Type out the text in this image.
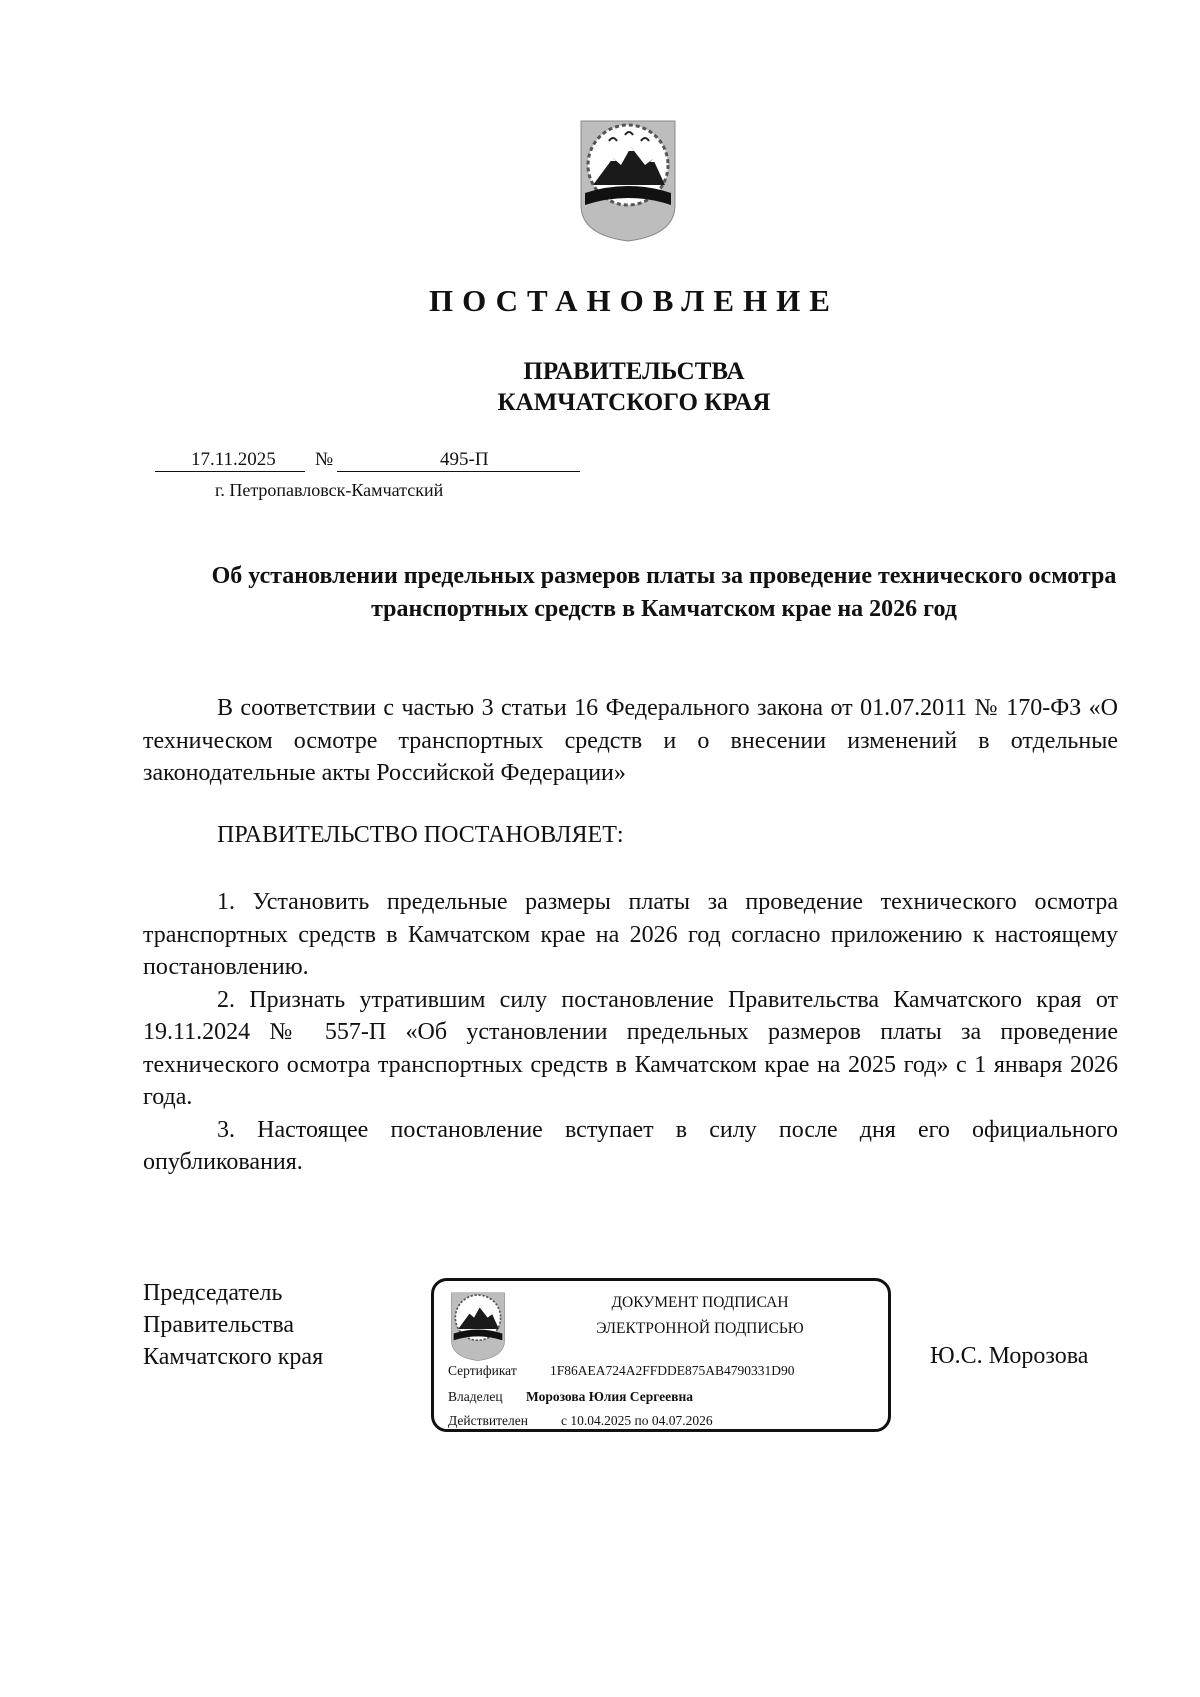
ПОСТАНОВЛЕНИЕ
ПРАВИТЕЛЬСТВА
КАМЧАТСКОГО КРАЯ
17.11.2025 №	495-П
г. Петропавловск-Камчатский
Об установлении предельных размеров платы за проведение технического осмотра транспортных средств в Камчатском крае на 2026 год

В соответствии с частью 3 статьи 16 Федерального закона от 01.07.2011 № 170-ФЗ «О техническом осмотре транспортных средств и о внесении изменений в отдельные законодательные акты Российской Федерации»

ПРАВИТЕЛЬСТВО ПОСТАНОВЛЯЕТ:

1. Установить предельные размеры платы за проведение технического осмотра транспортных средств в Камчатском крае на 2026 год согласно приложению к настоящему постановлению.

2. Признать утратившим силу постановление Правительства Камчатского края от 19.11.2024 № 557-П «Об установлении предельных размеров платы за проведение технического осмотра транспортных средств в Камчатском крае на 2025 год» с 1 января 2026 года.

3. Настоящее постановление вступает в силу после дня его официального опубликования.

Председатель
Правительства
Камчатского края
ДОКУМЕНТ ПОДПИСАН
ЭЛЕКТРОННОЙ ПОДПИСЬЮ
Сертификат 1F86AEA724A2FFDDE875AB4790331D90
Владелец Морозова Юлия Сергеевна
Действителен с 10.04.2025 по 04.07.2026
Ю.С. Морозова
